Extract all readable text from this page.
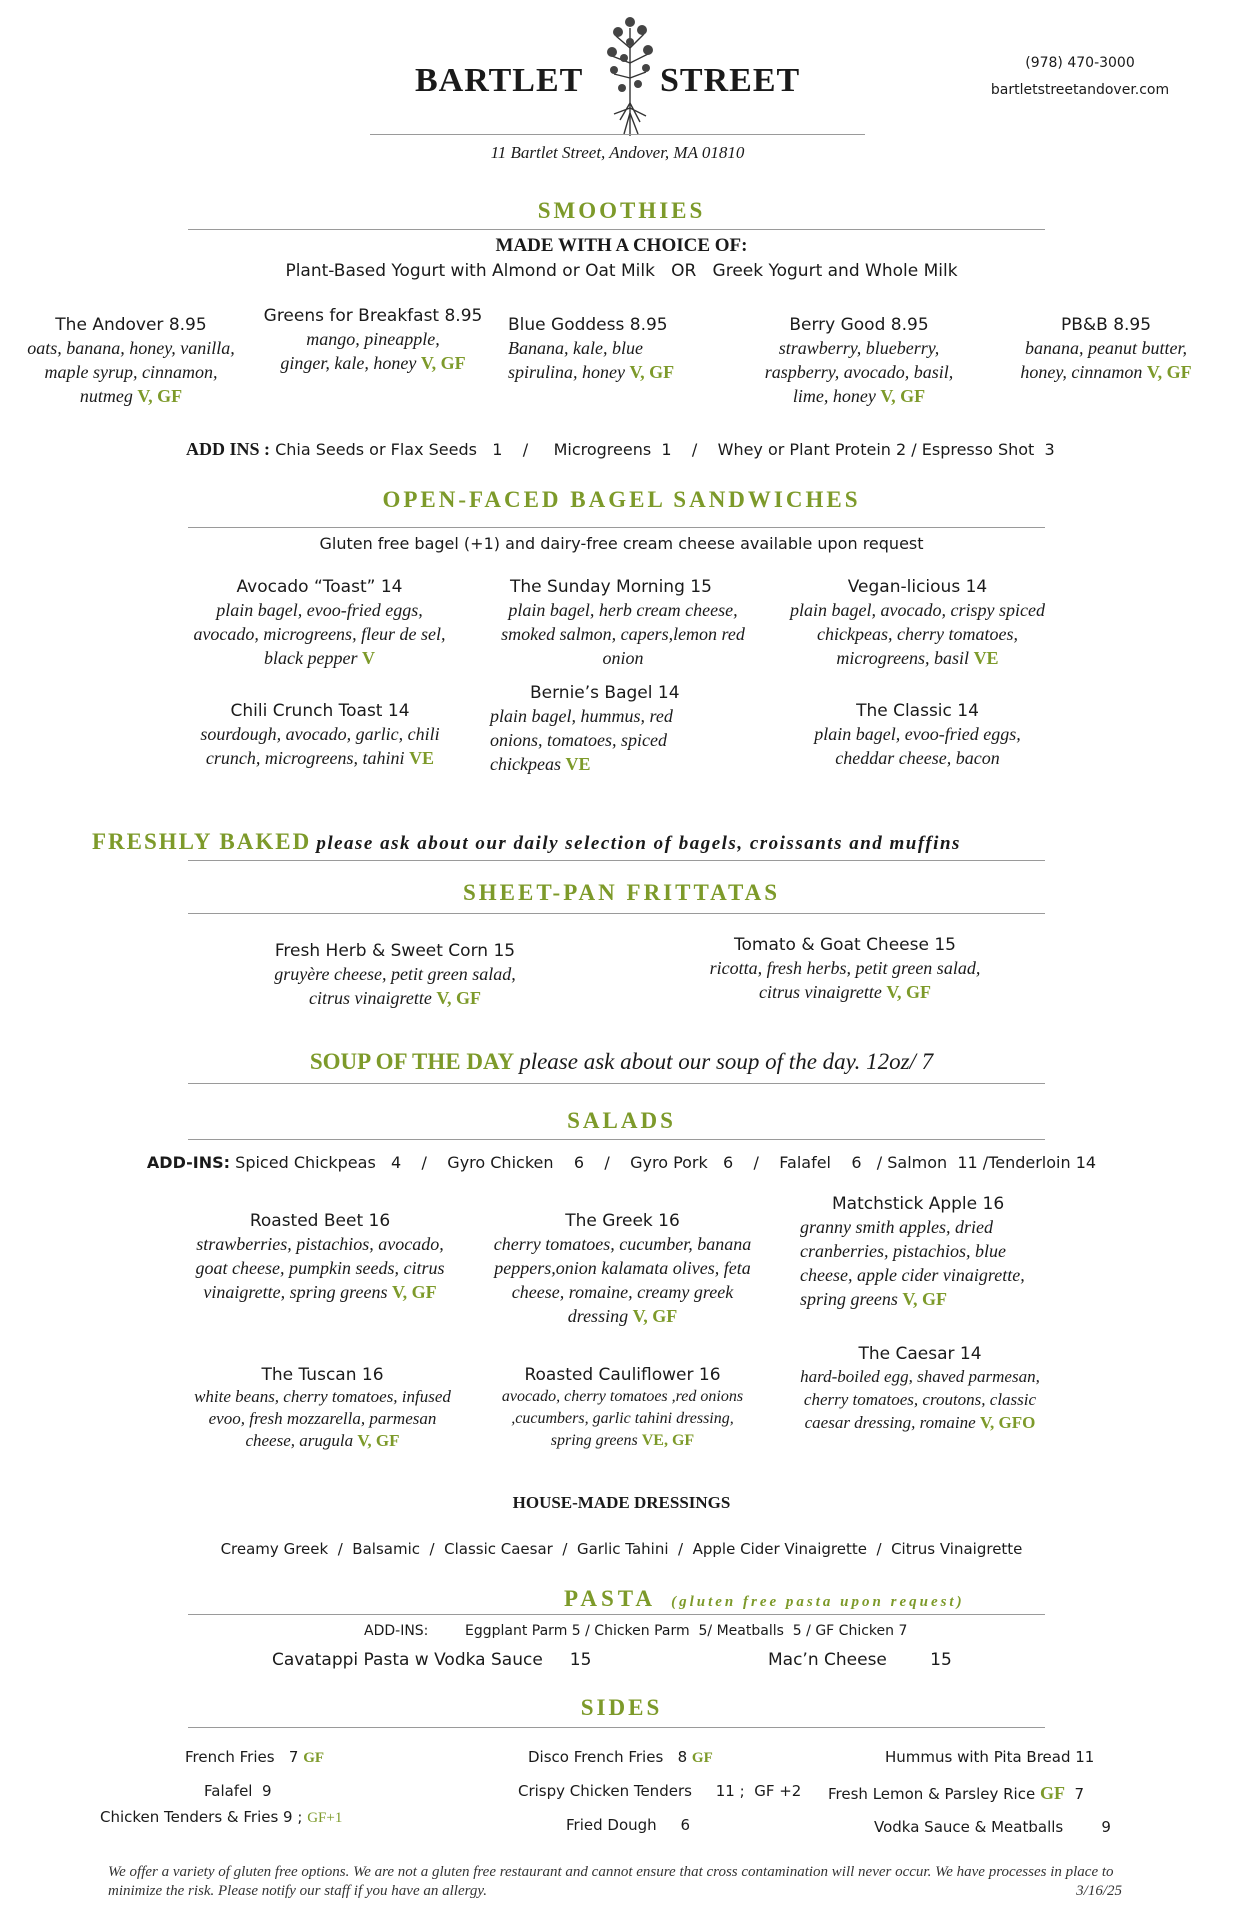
BARTLET STREET
11 Bartlet Street, Andover, MA 01810
(978) 470-3000
bartletstreetandover.com
SMOOTHIES
MADE WITH A CHOICE OF:
Plant-Based Yogurt with Almond or Oat Milk   OR   Greek Yogurt and Whole Milk
The Andover 8.95
oats, banana, honey, vanilla, maple syrup, cinnamon, nutmeg V, GF
Greens for Breakfast 8.95
mango, pineapple, ginger, kale, honey V, GF
Blue Goddess 8.95
Banana, kale, blue spirulina, honey V, GF
Berry Good 8.95
strawberry, blueberry, raspberry, avocado, basil, lime, honey V, GF
PB&B 8.95
banana, peanut butter, honey, cinnamon V, GF
ADD INS : Chia Seeds or Flax Seeds   1    /     Microgreens  1    /    Whey or Plant Protein 2 / Espresso Shot  3
OPEN-FACED BAGEL SANDWICHES
Gluten free bagel (+1) and dairy-free cream cheese available upon request
Avocado “Toast” 14
plain bagel, evoo-fried eggs, avocado, microgreens, fleur de sel, black pepper V
The Sunday Morning 15
plain bagel, herb cream cheese, smoked salmon, capers,lemon red onion
Vegan-licious 14
plain bagel, avocado, crispy spiced chickpeas, cherry tomatoes, microgreens, basil VE
Chili Crunch Toast 14
sourdough, avocado, garlic, chili crunch, microgreens, tahini VE
Bernie’s Bagel 14
plain bagel, hummus, red onions, tomatoes, spiced chickpeas VE
The Classic 14
plain bagel, evoo-fried eggs, cheddar cheese, bacon
FRESHLY BAKED please ask about our daily selection of bagels, croissants and muffins
SHEET-PAN FRITTATAS
Fresh Herb & Sweet Corn 15
gruyère cheese, petit green salad, citrus vinaigrette V, GF
Tomato & Goat Cheese 15
ricotta, fresh herbs, petit green salad, citrus vinaigrette V, GF
SOUP OF THE DAY please ask about our soup of the day. 12oz/ 7
SALADS
ADD-INS: Spiced Chickpeas   4    /    Gyro Chicken    6    /    Gyro Pork   6    /    Falafel    6   / Salmon  11 /Tenderloin 14
Roasted Beet 16
strawberries, pistachios, avocado, goat cheese, pumpkin seeds, citrus vinaigrette, spring greens V, GF
The Greek 16
cherry tomatoes, cucumber, banana peppers,onion kalamata olives, feta cheese, romaine, creamy greek dressing V, GF
Matchstick Apple 16
granny smith apples, dried cranberries, pistachios, blue cheese, apple cider vinaigrette, spring greens V, GF
The Tuscan 16
white beans, cherry tomatoes, infused evoo, fresh mozzarella, parmesan cheese, arugula V, GF
Roasted Cauliflower 16
avocado, cherry tomatoes ,red onions ,cucumbers, garlic tahini dressing, spring greens VE, GF
The Caesar 14
hard-boiled egg, shaved parmesan, cherry tomatoes, croutons, classic caesar dressing, romaine V, GFO
HOUSE-MADE DRESSINGS
Creamy Greek  /  Balsamic  /  Classic Caesar  /  Garlic Tahini  /  Apple Cider Vinaigrette  /  Citrus Vinaigrette
PASTA (gluten free pasta upon request)
ADD-INS:	Eggplant Parm 5 / Chicken Parm  5/ Meatballs  5 / GF Chicken 7
Cavatappi Pasta w Vodka Sauce     15	Mac’n Cheese        15
SIDES
French Fries   7 GF
Falafel  9
Chicken Tenders & Fries 9 ; GF+1
Disco French Fries   8 GF
Crispy Chicken Tenders     11 ;  GF +2
Fried Dough     6
Hummus with Pita Bread 11
Fresh Lemon & Parsley Rice GF 7
Vodka Sauce & Meatballs        9
We offer a variety of gluten free options. We are not a gluten free restaurant and cannot ensure that cross contamination will never occur. We have processes in place to minimize the risk. Please notify our staff if you have an allergy.	3/16/25
